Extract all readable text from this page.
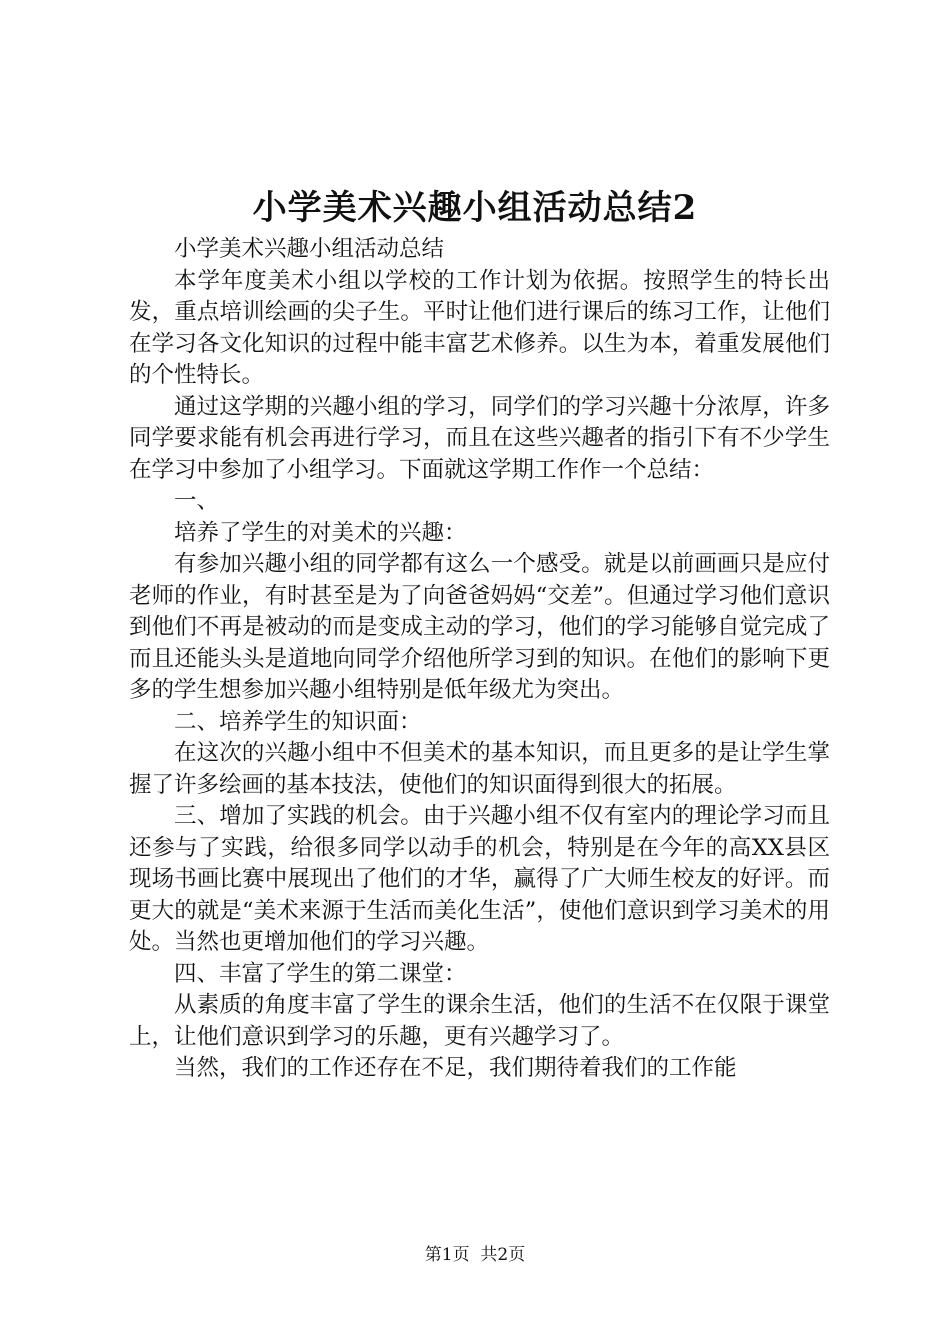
小学美术兴趣小组活动总结2

小学美术兴趣小组活动总结

本学年度美术小组以学校的工作计划为依据。按照学生的特长出发，重点培训绘画的尖子生。平时让他们进行课后的练习工作，让他们在学习各文化知识的过程中能丰富艺术修养。以生为本，着重发展他们的个性特长。

通过这学期的兴趣小组的学习，同学们的学习兴趣十分浓厚，许多同学要求能有机会再进行学习，而且在这些兴趣者的指引下有不少学生在学习中参加了小组学习。下面就这学期工作作一个总结：

一、

培养了学生的对美术的兴趣：

有参加兴趣小组的同学都有这么一个感受。就是以前画画只是应付老师的作业，有时甚至是为了向爸爸妈妈“交差”。但通过学习他们意识到他们不再是被动的而是变成主动的学习，他们的学习能够自觉完成了而且还能头头是道地向同学介绍他所学习到的知识。在他们的影响下更多的学生想参加兴趣小组特别是低年级尤为突出。

二、培养学生的知识面：

在这次的兴趣小组中不但美术的基本知识，而且更多的是让学生掌握了许多绘画的基本技法，使他们的知识面得到很大的拓展。

三、增加了实践的机会。由于兴趣小组不仅有室内的理论学习而且还参与了实践，给很多同学以动手的机会，特别是在今年的高XX县区现场书画比赛中展现出了他们的才华，赢得了广大师生校友的好评。而更大的就是“美术来源于生活而美化生活”，使他们意识到学习美术的用处。当然也更增加他们的学习兴趣。

四、丰富了学生的第二课堂：

从素质的角度丰富了学生的课余生活，他们的生活不在仅限于课堂上，让他们意识到学习的乐趣，更有兴趣学习了。

当然，我们的工作还存在不足，我们期待着我们的工作能

第1页  共2页
